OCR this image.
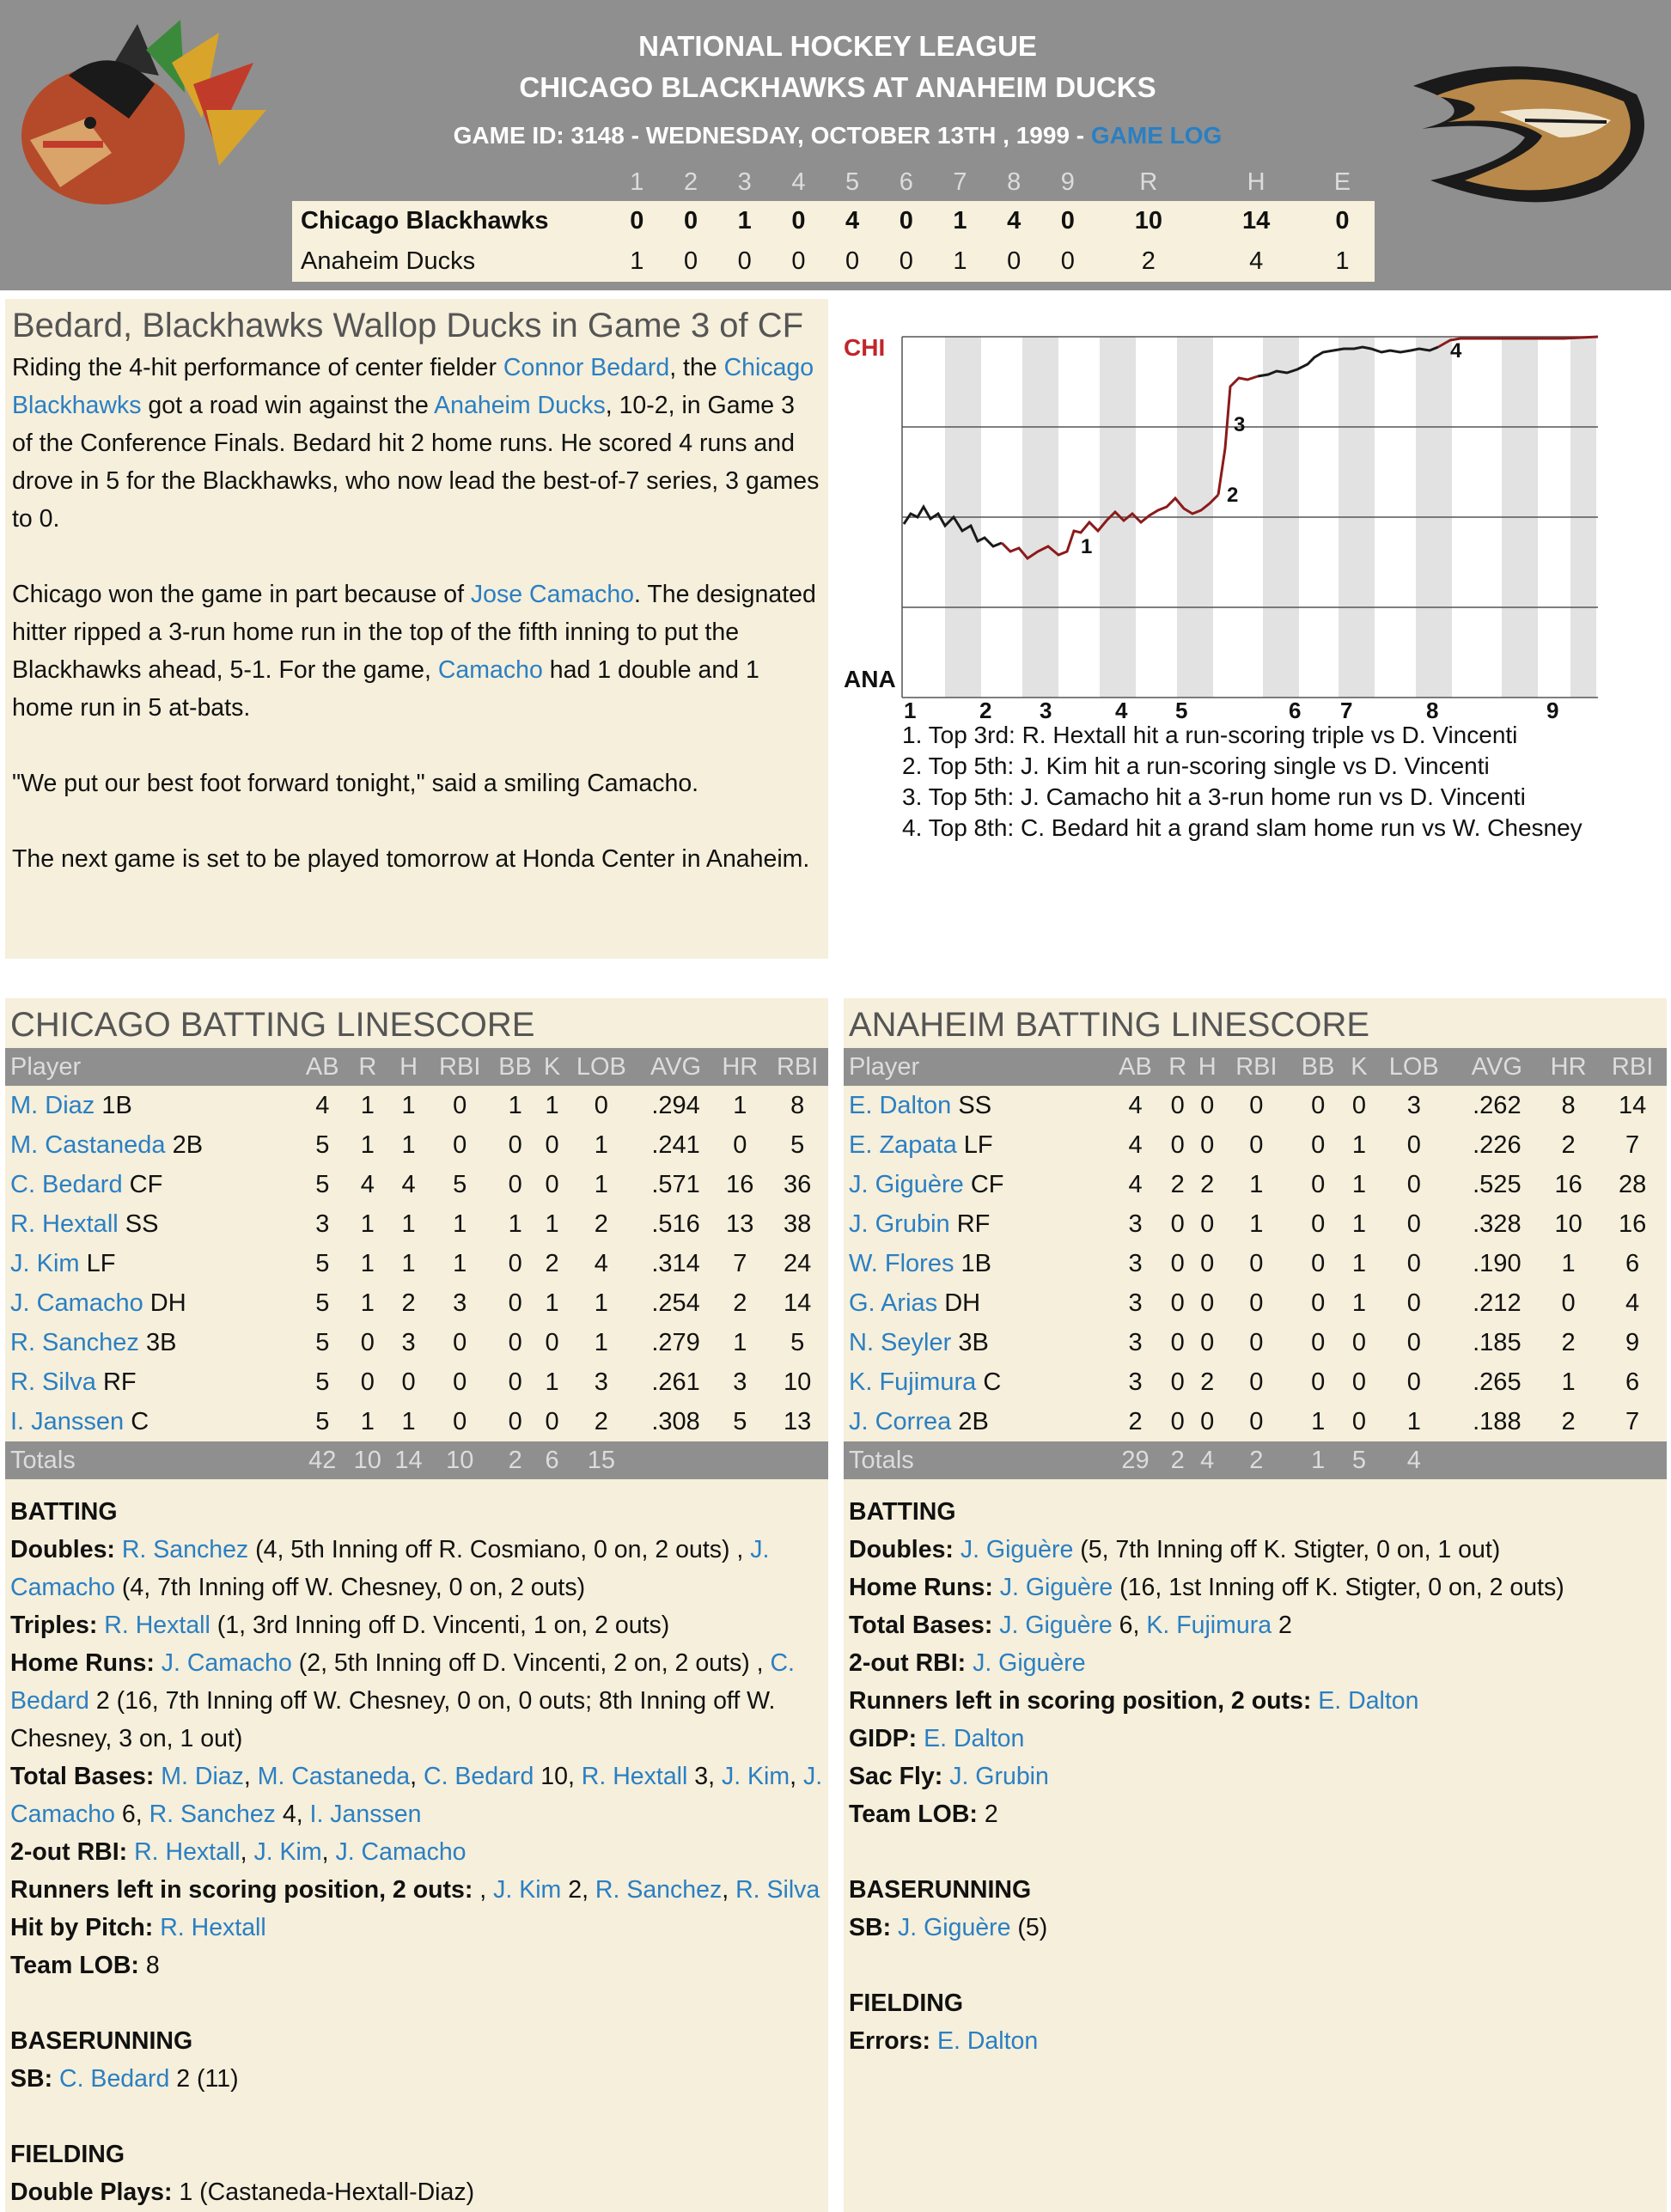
NATIONAL HOCKEY LEAGUE
CHICAGO BLACKHAWKS AT ANAHEIM DUCKS
GAME ID: 3148 - WEDNESDAY, OCTOBER 13TH , 1999 - GAME LOG
	1	2	3	4	5	6	7	8	9	R	H	E
Chicago Blackhawks	0	0	1	0	4	0	1	4	0	10	14	0
Anaheim Ducks	1	0	0	0	0	0	1	0	0	2	4	1
Bedard, Blackhawks Wallop Ducks in Game 3 of CF

Riding the 4-hit performance of center fielder Connor Bedard, the Chicago Blackhawks got a road win against the Anaheim Ducks, 10-2, in Game 3 of the Conference Finals. Bedard hit 2 home runs. He scored 4 runs and drove in 5 for the Blackhawks, who now lead the best-of-7 series, 3 games to 0.

Chicago won the game in part because of Jose Camacho. The designated hitter ripped a 3-run home run in the top of the fifth inning to put the Blackhawks ahead, 5-1. For the game, Camacho had 1 double and 1 home run in 5 at-bats.

"We put our best foot forward tonight," said a smiling Camacho.

The next game is set to be played tomorrow at Honda Center in Anaheim.

CHI
ANA
1
2
3
4
1	2 3	4 5	6 7	8	9
1. Top 3rd: R. Hextall hit a run-scoring triple vs D. Vincenti
2. Top 5th: J. Kim hit a run-scoring single vs D. Vincenti
3. Top 5th: J. Camacho hit a 3-run home run vs D. Vincenti
4. Top 8th: C. Bedard hit a grand slam home run vs W. Chesney
CHICAGO BATTING LINESCORE
Player	AB	R	H	RBI	BB	K	LOB	AVG	HR	RBI
M. Diaz 1B	4	1	1	0	1	1	0	.294	1	8
M. Castaneda 2B	5	1	1	0	0	0	1	.241	0	5
C. Bedard CF	5	4	4	5	0	0	1	.571	16	36
R. Hextall SS	3	1	1	1	1	1	2	.516	13	38
J. Kim LF	5	1	1	1	0	2	4	.314	7	24
J. Camacho DH	5	1	2	3	0	1	1	.254	2	14
R. Sanchez 3B	5	0	3	0	0	0	1	.279	1	5
R. Silva RF	5	0	0	0	0	1	3	.261	3	10
I. Janssen C	5	1	1	0	0	0	2	.308	5	13
Totals	42	10	14	10	2	6	15			
BATTING
Doubles: R. Sanchez (4, 5th Inning off R. Cosmiano, 0 on, 2 outs) , J. Camacho (4, 7th Inning off W. Chesney, 0 on, 2 outs)
Triples: R. Hextall (1, 3rd Inning off D. Vincenti, 1 on, 2 outs)
Home Runs: J. Camacho (2, 5th Inning off D. Vincenti, 2 on, 2 outs) , C. Bedard 2 (16, 7th Inning off W. Chesney, 0 on, 0 outs; 8th Inning off W. Chesney, 3 on, 1 out)
Total Bases: M. Diaz, M. Castaneda, C. Bedard 10, R. Hextall 3, J. Kim, J. Camacho 6, R. Sanchez 4, I. Janssen
2-out RBI: R. Hextall, J. Kim, J. Camacho
Runners left in scoring position, 2 outs: , J. Kim 2, R. Sanchez, R. Silva
Hit by Pitch: R. Hextall
Team LOB: 8
BASERUNNING
SB: C. Bedard 2 (11)
FIELDING
Double Plays: 1 (Castaneda-Hextall-Diaz)
ANAHEIM BATTING LINESCORE
Player	AB	R	H	RBI	BB	K	LOB	AVG	HR	RBI
E. Dalton SS	4	0	0	0	0	0	3	.262	8	14
E. Zapata LF	4	0	0	0	0	1	0	.226	2	7
J. Giguère CF	4	2	2	1	0	1	0	.525	16	28
J. Grubin RF	3	0	0	1	0	1	0	.328	10	16
W. Flores 1B	3	0	0	0	0	1	0	.190	1	6
G. Arias DH	3	0	0	0	0	1	0	.212	0	4
N. Seyler 3B	3	0	0	0	0	0	0	.185	2	9
K. Fujimura C	3	0	2	0	0	0	0	.265	1	6
J. Correa 2B	2	0	0	0	1	0	1	.188	2	7
Totals	29	2	4	2	1	5	4			
BATTING
Doubles: J. Giguère (5, 7th Inning off K. Stigter, 0 on, 1 out)
Home Runs: J. Giguère (16, 1st Inning off K. Stigter, 0 on, 2 outs)
Total Bases: J. Giguère 6, K. Fujimura 2
2-out RBI: J. Giguère
Runners left in scoring position, 2 outs: E. Dalton
GIDP: E. Dalton
Sac Fly: J. Grubin
Team LOB: 2
BASERUNNING
SB: J. Giguère (5)
FIELDING
Errors: E. Dalton
